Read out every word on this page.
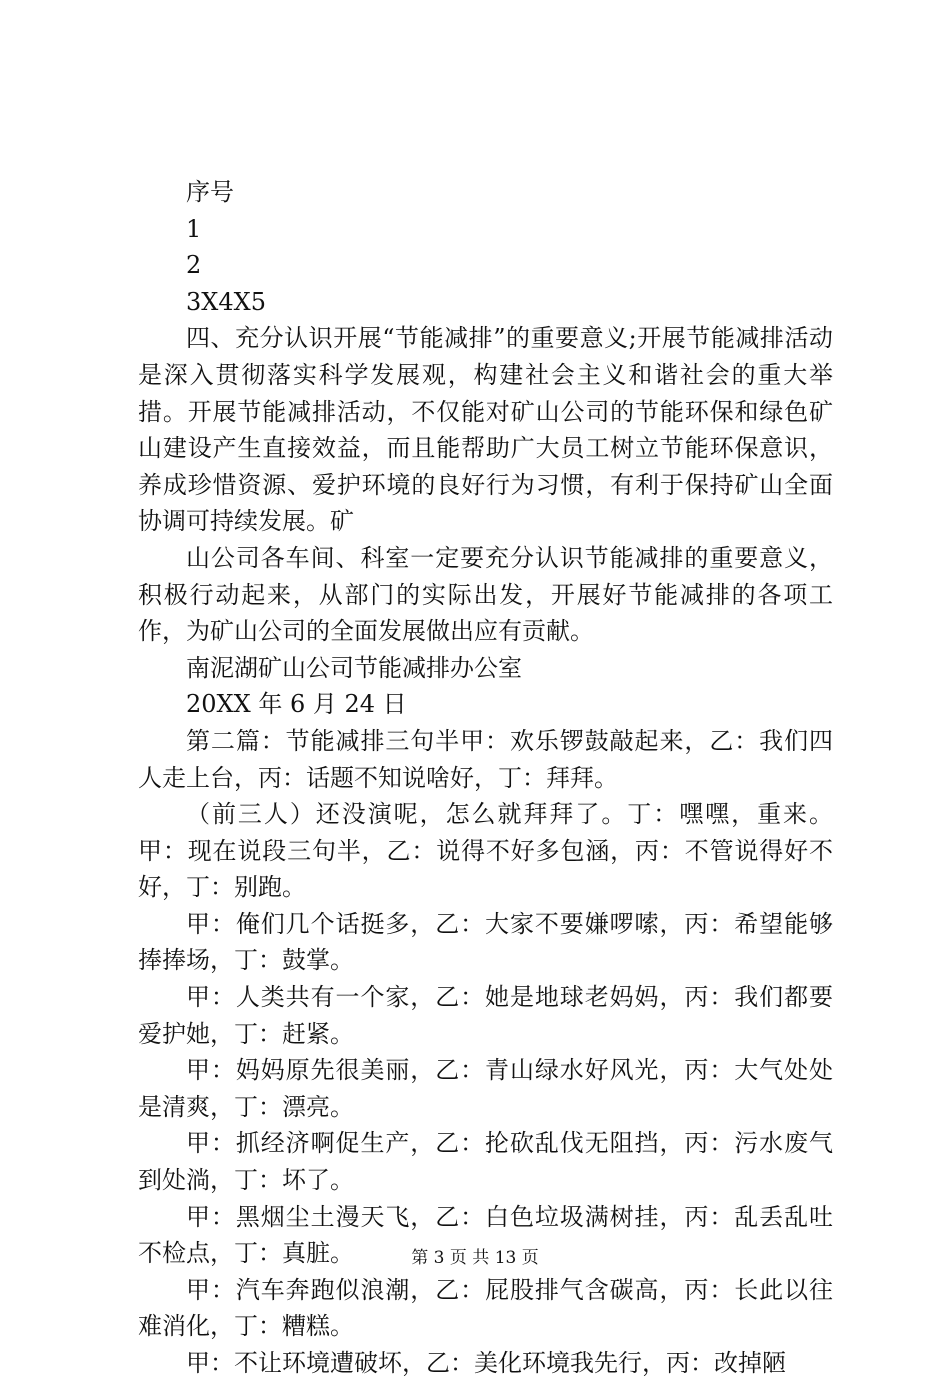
序号
1
2
3X4X5
四、充分认识开展“节能减排”的重要意义;开展节能减排活动是深入贯彻落实科学发展观，构建社会主义和谐社会的重大举措。开展节能减排活动，不仅能对矿山公司的节能环保和绿色矿山建设产生直接效益，而且能帮助广大员工树立节能环保意识，养成珍惜资源、爱护环境的良好行为习惯，有利于保持矿山全面协调可持续发展。矿
山公司各车间、科室一定要充分认识节能减排的重要意义，积极行动起来，从部门的实际出发，开展好节能减排的各项工作，为矿山公司的全面发展做出应有贡献。
南泥湖矿山公司节能减排办公室
20XX 年 6 月 24 日
第二篇：节能减排三句半甲：欢乐锣鼓敲起来，乙：我们四人走上台，丙：话题不知说啥好，丁：拜拜。
（前三人）还没演呢，怎么就拜拜了。丁：嘿嘿，重来。甲：现在说段三句半，乙：说得不好多包涵，丙：不管说得好不好，丁：别跑。
甲：俺们几个话挺多，乙：大家不要嫌啰嗦，丙：希望能够捧捧场，丁：鼓掌。
甲：人类共有一个家，乙：她是地球老妈妈，丙：我们都要爱护她，丁：赶紧。
甲：妈妈原先很美丽，乙：青山绿水好风光，丙：大气处处是清爽，丁：漂亮。
甲：抓经济啊促生产，乙：抡砍乱伐无阻挡，丙：污水废气到处淌，丁：坏了。
甲：黑烟尘土漫天飞，乙：白色垃圾满树挂，丙：乱丢乱吐不检点，丁：真脏。
甲：汽车奔跑似浪潮，乙：屁股排气含碳高，丙：长此以往难消化，丁：糟糕。
甲：不让环境遭破坏，乙：美化环境我先行，丙：改掉陋
第 3 页 共 13 页
